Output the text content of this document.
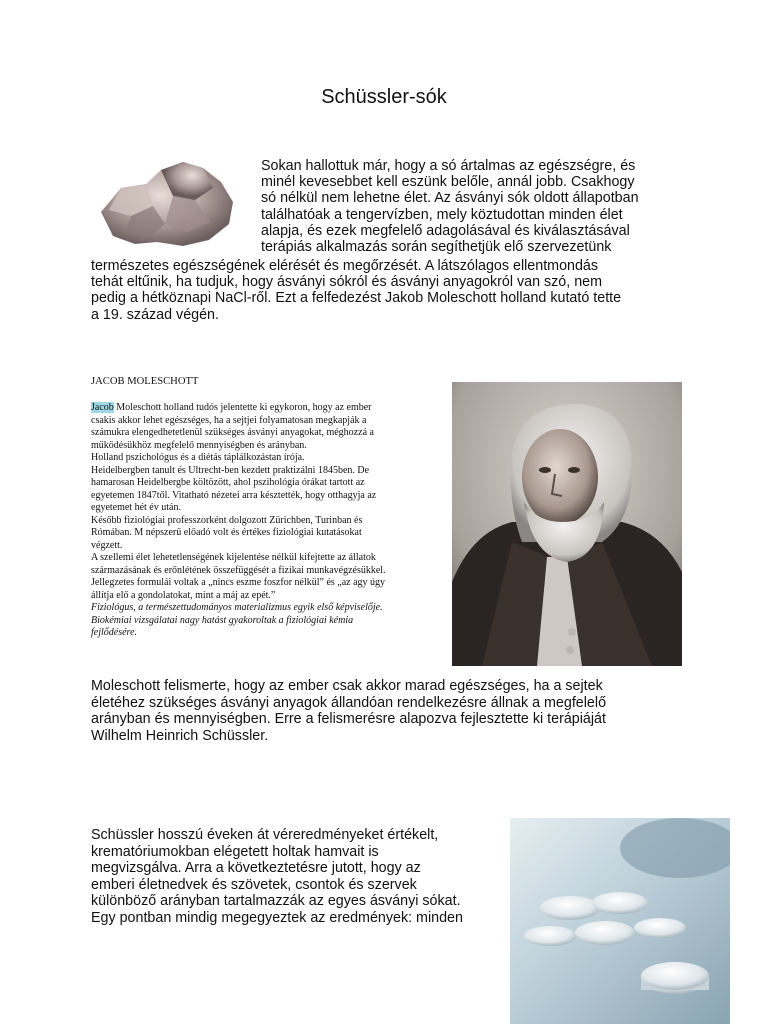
Schüssler-sók
Sokan hallottuk már, hogy a só ártalmas az egészségre, és
minél kevesebbet kell eszünk belőle, annál jobb. Csakhogy
só nélkül nem lehetne élet. Az ásványi sók oldott állapotban
találhatóak a tengervízben, mely köztudottan minden élet
alapja, és ezek megfelelő adagolásával és kiválasztásával
terápiás alkalmazás során segíthetjük elő szervezetünk
természetes egészségének elérését és megőrzését. A látszólagos ellentmondás
tehát eltűnik, ha tudjuk, hogy ásványi sókról és ásványi anyagokról van szó, nem
pedig a hétköznapi NaCl-ről. Ezt a felfedezést Jakob Moleschott holland kutató tette
a 19. század végén.
JACOB MOLESCHOTT
Jacob Moleschott holland tudós jelentette ki egykoron, hogy az ember
csakis akkor lehet egészséges, ha a sejtjei folyamatosan megkapják a
számukra elengedhetetlenül szükséges ásványi anyagokat, méghozzá a
működésükhöz megfelelő mennyiségben és arányban.
Holland pszichológus és a diétás táplálkozástan írója.
Heidelbergben tanult és Ultrecht-ben kezdett praktizálni 1845ben. De
hamarosan Heidelbergbe költözött, ahol pszihológia órákat tartott az
egyetemen 1847től. Vitatható nézetei arra késztették, hogy otthagyja az
egyetemet hét év után.
Később fiziológiai professzorként dolgozott Zürichben, Turinban és
Rómában. M népszerű előadó volt és értékes fiziológiai kutatásokat
végzett.
A szellemi élet lehetetlenségének kijelentése nélkül kifejtette az állatok
származásának és erőnlétének összefüggését a fizikai munkavégzésükkel.
Jellegzetes formulái voltak a „nincs eszme foszfor nélkül” és „az agy úgy
állítja elő a gondolatokat, mint a máj az epét.”
Fiziológus, a természettudományos materializmus egyik első képviselője.
Biokémiai vizsgálatai nagy hatást gyakoroltak a fiziológiai kémia
fejlődésére.
Moleschott felismerte, hogy az ember csak akkor marad egészséges, ha a sejtek
életéhez szükséges ásványi anyagok állandóan rendelkezésre állnak a megfelelő
arányban és mennyiségben. Erre a felismerésre alapozva fejlesztette ki terápiáját
Wilhelm Heinrich Schüssler.
Schüssler hosszú éveken át véreredményeket értékelt,
krematóriumokban elégetett holtak hamvait is
megvizsgálva. Arra a következtetésre jutott, hogy az
emberi életnedvek és szövetek, csontok és szervek
különböző arányban tartalmazzák az egyes ásványi sókat.
Egy pontban mindig megegyeztek az eredmények: minden
